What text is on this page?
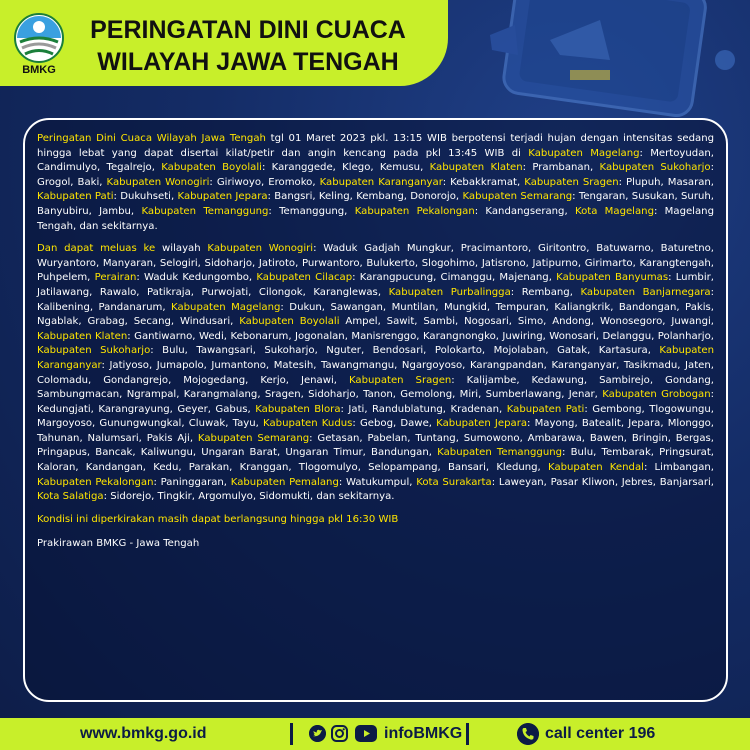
BMKG
PERINGATAN DINI CUACA
WILAYAH JAWA TENGAH

Peringatan Dini Cuaca Wilayah Jawa Tengah tgl 01 Maret 2023 pkl. 13:15 WIB berpotensi terjadi hujan dengan intensitas sedang hingga lebat yang dapat disertai kilat/petir dan angin kencang pada pkl 13:45 WIB di Kabupaten Magelang: Mertoyudan, Candimulyo, Tegalrejo, Kabupaten Boyolali: Karanggede, Klego, Kemusu, Kabupaten Klaten: Prambanan, Kabupaten Sukoharjo: Grogol, Baki, Kabupaten Wonogiri: Giriwoyo, Eromoko, Kabupaten Karanganyar: Kebakkramat, Kabupaten Sragen: Plupuh, Masaran, Kabupaten Pati: Dukuhseti, Kabupaten Jepara: Bangsri, Keling, Kembang, Donorojo, Kabupaten Semarang: Tengaran, Susukan, Suruh, Banyubiru, Jambu, Kabupaten Temanggung: Temanggung, Kabupaten Pekalongan: Kandangserang, Kota Magelang: Magelang Tengah, dan sekitarnya.

Dan dapat meluas ke wilayah Kabupaten Wonogiri: Waduk Gadjah Mungkur, Pracimantoro, Giritontro, Batuwarno, Baturetno, Wuryantoro, Manyaran, Selogiri, Sidoharjo, Jatiroto, Purwantoro, Bulukerto, Slogohimo, Jatisrono, Jatipurno, Girimarto, Karangtengah, Puhpelem, Perairan: Waduk Kedungombo, Kabupaten Cilacap: Karangpucung, Cimanggu, Majenang, Kabupaten Banyumas: Lumbir, Jatilawang, Rawalo, Patikraja, Purwojati, Cilongok, Karanglewas, Kabupaten Purbalingga: Rembang, Kabupaten Banjarnegara: Kalibening, Pandanarum, Kabupaten Magelang: Dukun, Sawangan, Muntilan, Mungkid, Tempuran, Kaliangkrik, Bandongan, Pakis, Ngablak, Grabag, Secang, Windusari, Kabupaten Boyolali Ampel, Sawit, Sambi, Nogosari, Simo, Andong, Wonosegoro, Juwangi, Kabupaten Klaten: Gantiwarno, Wedi, Kebonarum, Jogonalan, Manisrenggo, Karangnongko, Juwiring, Wonosari, Delanggu, Polanharjo, Kabupaten Sukoharjo: Bulu, Tawangsari, Sukoharjo, Nguter, Bendosari, Polokarto, Mojolaban, Gatak, Kartasura, Kabupaten Karanganyar: Jatiyoso, Jumapolo, Jumantono, Matesih, Tawangmangu, Ngargoyoso, Karangpandan, Karanganyar, Tasikmadu, Jaten, Colomadu, Gondangrejo, Mojogedang, Kerjo, Jenawi, Kabupaten Sragen: Kalijambe, Kedawung, Sambirejo, Gondang, Sambungmacan, Ngrampal, Karangmalang, Sragen, Sidoharjo, Tanon, Gemolong, Miri, Sumberlawang, Jenar, Kabupaten Grobogan: Kedungjati, Karangrayung, Geyer, Gabus, Kabupaten Blora: Jati, Randublatung, Kradenan, Kabupaten Pati: Gembong, Tlogowungu, Margoyoso, Gunungwungkal, Cluwak, Tayu, Kabupaten Kudus: Gebog, Dawe, Kabupaten Jepara: Mayong, Batealit, Jepara, Mlonggo, Tahunan, Nalumsari, Pakis Aji, Kabupaten Semarang: Getasan, Pabelan, Tuntang, Sumowono, Ambarawa, Bawen, Bringin, Bergas, Pringapus, Bancak, Kaliwungu, Ungaran Barat, Ungaran Timur, Bandungan, Kabupaten Temanggung: Bulu, Tembarak, Pringsurat, Kaloran, Kandangan, Kedu, Parakan, Kranggan, Tlogomulyo, Selopampang, Bansari, Kledung, Kabupaten Kendal: Limbangan, Kabupaten Pekalongan: Paninggaran, Kabupaten Pemalang: Watukumpul, Kota Surakarta: Laweyan, Pasar Kliwon, Jebres, Banjarsari, Kota Salatiga: Sidorejo, Tingkir, Argomulyo, Sidomukti, dan sekitarnya.

Kondisi ini diperkirakan masih dapat berlangsung hingga pkl 16:30 WIB

Prakirawan BMKG - Jawa Tengah

www.bmkg.go.id	infoBMKG	call center 196
